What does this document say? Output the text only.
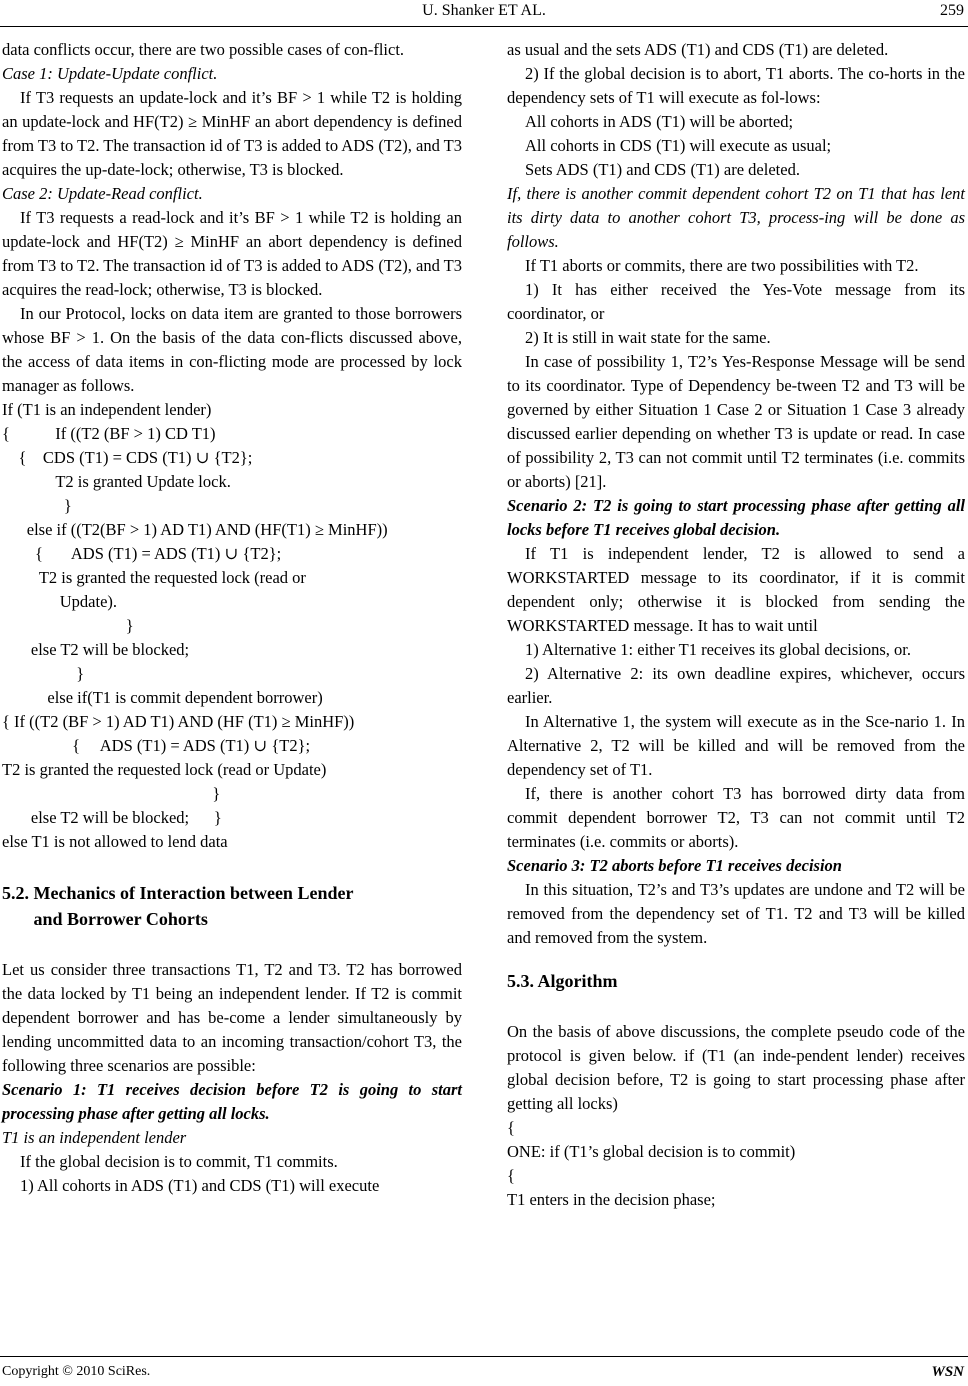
U. Shanker ET AL.	259

data conflicts occur, there are two possible cases of con-flict.

Case 1: Update-Update conflict.

If T3 requests an update-lock and it’s BF > 1 while T2 is holding an update-lock and HF(T2) ≥ MinHF an abort dependency is defined from T3 to T2. The transaction id of T3 is added to ADS (T2), and T3 acquires the up-date-lock; otherwise, T3 is blocked.

Case 2: Update-Read conflict.

If T3 requests a read-lock and it’s BF > 1 while T2 is holding an update-lock and HF(T2) ≥ MinHF an abort dependency is defined from T3 to T2. The transaction id of T3 is added to ADS (T2), and T3 acquires the read-lock; otherwise, T3 is blocked.

In our Protocol, locks on data item are granted to those borrowers whose BF > 1. On the basis of the data con-flicts discussed above, the access of data items in con-flicting mode are processed by lock manager as follows.

If (T1 is an independent lender)

{           If ((T2 (BF > 1) CD T1)

{    CDS (T1) = CDS (T1) ∪ {T2};

T2 is granted Update lock.

}

else if ((T2(BF > 1) AD T1) AND (HF(T1) ≥ MinHF))

{       ADS (T1) = ADS (T1) ∪ {T2};

T2 is granted the requested lock (read or

Update).

}

else T2 will be blocked;

}

else if(T1 is commit dependent borrower)

{ If ((T2 (BF > 1) AD T1) AND (HF (T1) ≥ MinHF))

{     ADS (T1) = ADS (T1) ∪ {T2};

T2 is granted the requested lock (read or Update)

}

else T2 will be blocked;      }

else T1 is not allowed to lend data

5.2. Mechanics of Interaction between Lender

and Borrower Cohorts

Let us consider three transactions T1, T2 and T3. T2 has borrowed the data locked by T1 being an independent lender. If T2 is commit dependent borrower and has be-come a lender simultaneously by lending uncommitted data to an incoming transaction/cohort T3, the following three scenarios are possible:

Scenario 1: T1 receives decision before T2 is going to start processing phase after getting all locks.

T1 is an independent lender

If the global decision is to commit, T1 commits.

1) All cohorts in ADS (T1) and CDS (T1) will execute

as usual and the sets ADS (T1) and CDS (T1) are deleted.

2) If the global decision is to abort, T1 aborts. The co-horts in the dependency sets of T1 will execute as fol-lows:

All cohorts in ADS (T1) will be aborted;

All cohorts in CDS (T1) will execute as usual;

Sets ADS (T1) and CDS (T1) are deleted.

If, there is another commit dependent cohort T2 on T1 that has lent its dirty data to another cohort T3, process-ing will be done as follows.

If T1 aborts or commits, there are two possibilities with T2.

1) It has either received the Yes-Vote message from its coordinator, or

2) It is still in wait state for the same.

In case of possibility 1, T2’s Yes-Response Message will be send to its coordinator. Type of Dependency be-tween T2 and T3 will be governed by either Situation 1 Case 2 or Situation 1 Case 3 already discussed earlier depending on whether T3 is update or read. In case of possibility 2, T3 can not commit until T2 terminates (i.e. commits or aborts) [21].

Scenario 2: T2 is going to start processing phase after getting all locks before T1 receives global decision.

If T1 is independent lender, T2 is allowed to send a WORKSTARTED message to its coordinator, if it is commit dependent only; otherwise it is blocked from sending the WORKSTARTED message. It has to wait until

1) Alternative 1: either T1 receives its global decisions, or.

2) Alternative 2: its own deadline expires, whichever, occurs earlier.

In Alternative 1, the system will execute as in the Sce-nario 1. In Alternative 2, T2 will be killed and will be removed from the dependency set of T1.

If, there is another cohort T3 has borrowed dirty data from commit dependent borrower T2, T3 can not commit until T2 terminates (i.e. commits or aborts).

Scenario 3: T2 aborts before T1 receives decision

In this situation, T2’s and T3’s updates are undone and T2 will be removed from the dependency set of T1. T2 and T3 will be killed and removed from the system.

5.3. Algorithm

On the basis of above discussions, the complete pseudo code of the protocol is given below. if (T1 (an inde-pendent lender) receives global decision before, T2 is going to start processing phase after getting all locks)

{

ONE: if (T1’s global decision is to commit)

{

T1 enters in the decision phase;

Copyright © 2010 SciRes.	WSN
